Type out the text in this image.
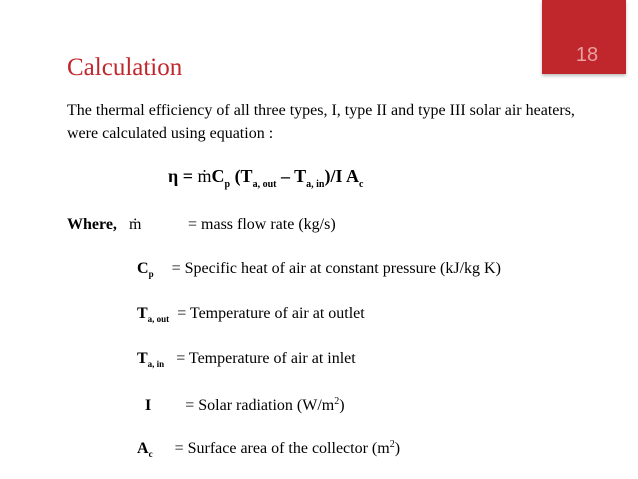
18
Calculation
The thermal efficiency of all three types, I, type II and type III solar air heaters, were calculated using equation :
η = ṁC$_p$ $(T_{a, out} - T_{a, in})/I$ $A_c$
Where, ṁ	= mass flow rate (kg/s)
$C_p$ = Specific heat of air at constant pressure (kJ/kg K)
$T_{a, out}$ = Temperature of air at outlet
$T_{a, in}$ = Temperature of air at inlet
I = Solar radiation $(W/m^2)$
$A_c$ = Surface area of the collector $(m^2)$
